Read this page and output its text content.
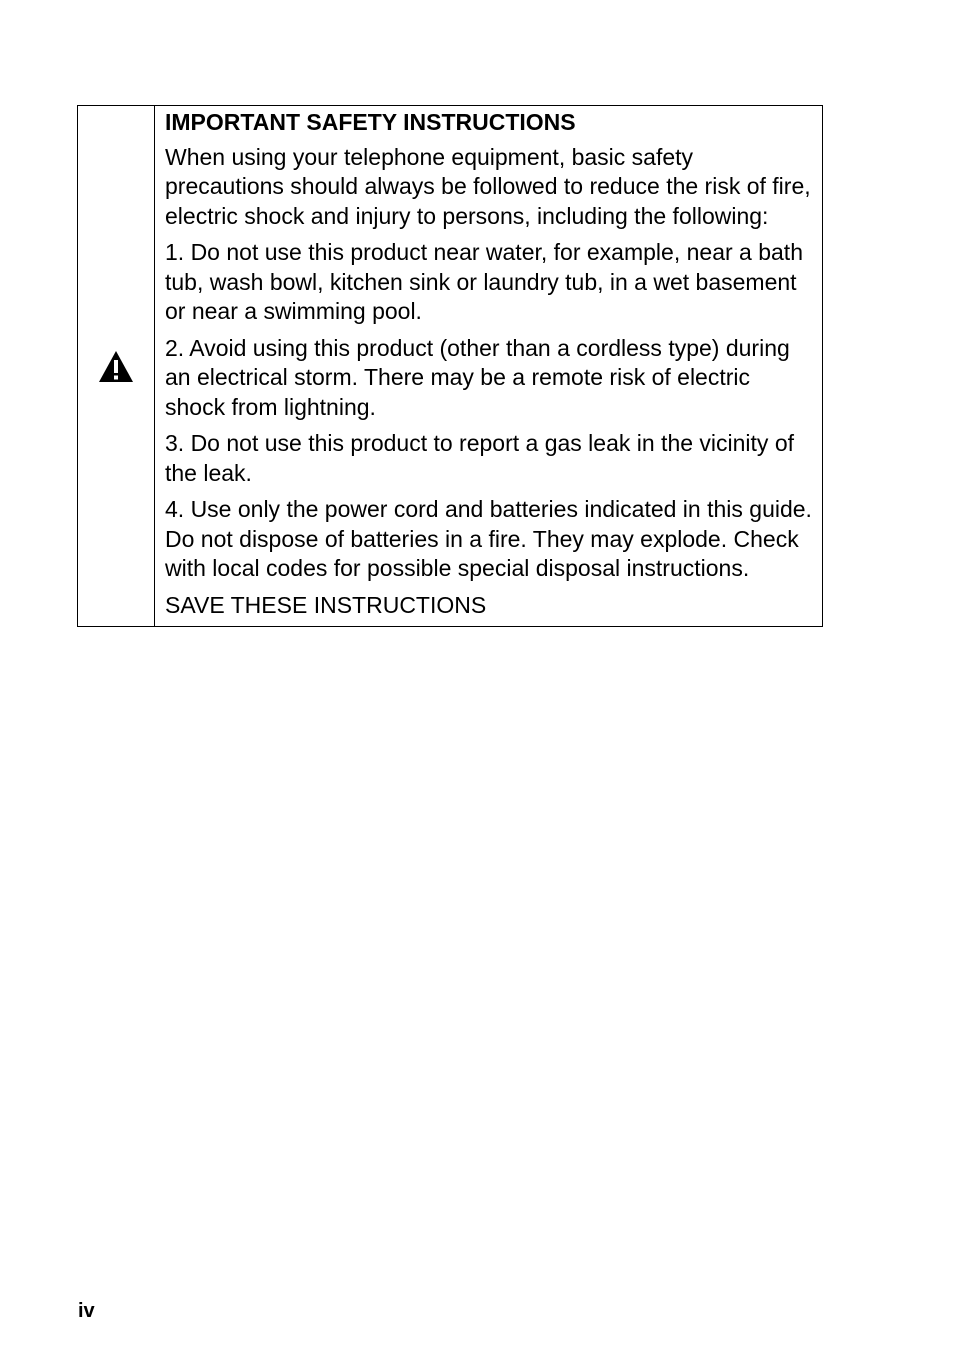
IMPORTANT SAFETY INSTRUCTIONS

When using your telephone equipment, basic safety precautions should always be followed to reduce the risk of fire, electric shock and injury to persons, including the following:

1. Do not use this product near water, for example, near a bath tub, wash bowl, kitchen sink or laundry tub, in a wet basement or near a swimming pool.

2. Avoid using this product (other than a cordless type) during an electrical storm. There may be a remote risk of electric shock from lightning.

3. Do not use this product to report a gas leak in the vicinity of the leak.

4. Use only the power cord and batteries indicated in this guide. Do not dispose of batteries in a fire. They may explode. Check with local codes for possible special disposal instructions.

SAVE THESE INSTRUCTIONS

iv
